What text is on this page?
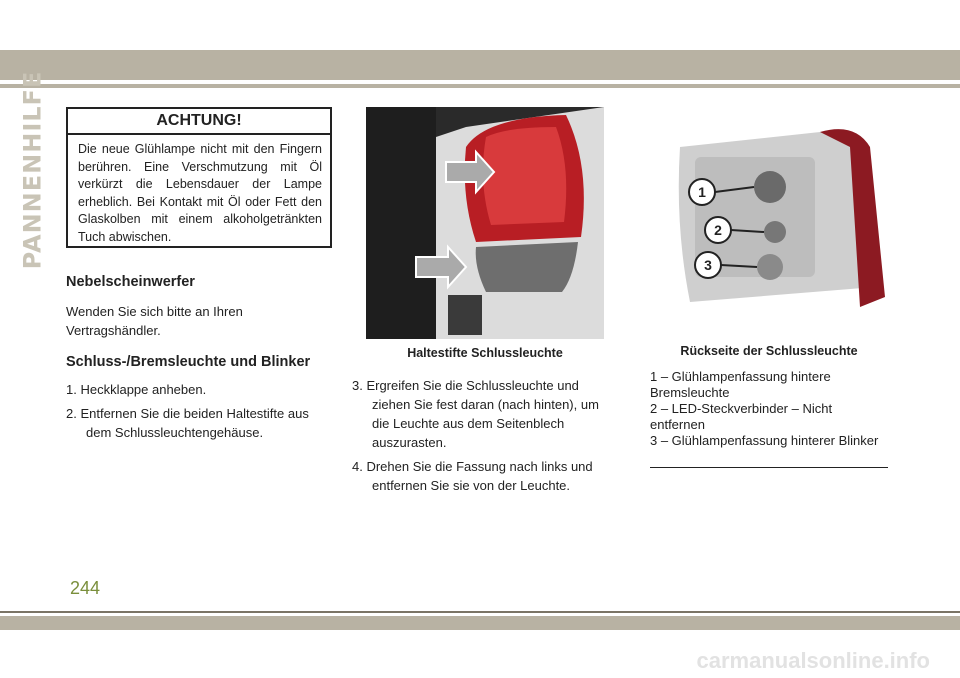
PANNENHILFE	ACHTUNG!
Die neue Glühlampe nicht mit den Fingern berühren. Eine Verschmutzung mit Öl verkürzt die Lebensdauer der Lampe erheblich. Bei Kontakt mit Öl oder Fett den Glaskolben mit einem alkoholgetränkten Tuch abwischen.
Nebelscheinwerfer

Wenden Sie sich bitte an Ihren Vertragshändler.

Schluss-/Bremsleuchte und Blinker
1. Heckklappe anheben.
2. Entfernen Sie die beiden Haltestifte aus dem Schlussleuchtengehäuse.
Haltestifte Schlussleuchte
3. Ergreifen Sie die Schlussleuchte und ziehen Sie fest daran (nach hinten), um die Leuchte aus dem Seitenblech auszurasten.
4. Drehen Sie die Fassung nach links und entfernen Sie sie von der Leuchte.
1
2
3
Rückseite der Schlussleuchte
1 – Glühlampenfassung hintere Bremsleuchte
2 – LED-Steckverbinder – Nicht entfernen
3 – Glühlampenfassung hinterer Blinker
244
carmanualsonline.info
